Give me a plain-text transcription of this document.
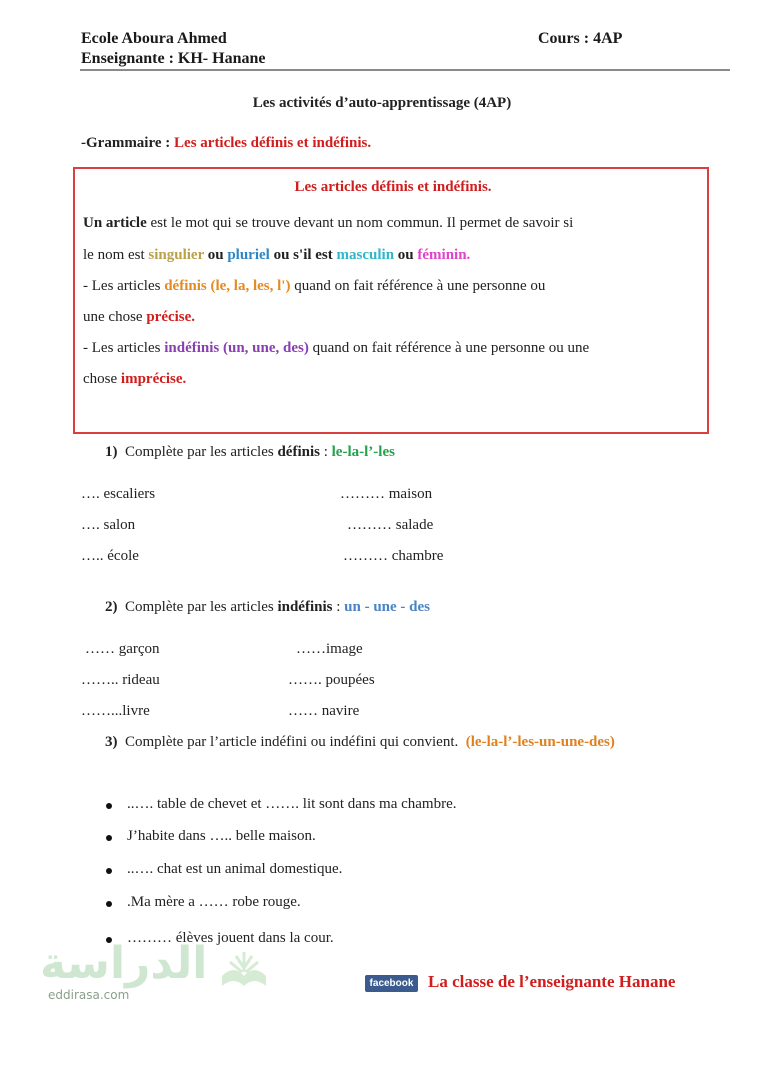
Ecole Aboura Ahmed
Enseignante : KH- Hanane
Cours : 4AP
Les activités d’auto-apprentissage (4AP)
-Grammaire : Les articles définis et indéfinis.
Les articles définis et indéfinis.
Un article est le mot qui se trouve devant un nom commun. Il permet de savoir si
le nom est singulier ou pluriel ou s'il est masculin ou féminin.
- Les articles définis (le, la, les, l') quand on fait référence à une personne ou
une chose précise.
- Les articles indéfinis (un, une, des) quand on fait référence à une personne ou une
chose imprécise.
1) Complète par les articles définis : le-la-l’-les
…. escaliers	……… maison
…. salon	……… salade
….. école	……… chambre
2) Complète par les articles indéfinis : un - une - des
…… garçon	……image
…….. rideau	……. poupées
……...livre	…… navire
3) Complète par l’article indéfini ou indéfini qui convient. (le-la-l’-les-un-une-des)
..…. table de chevet et ……. lit sont dans ma chambre.
J’habite dans ….. belle maison.
..…. chat est un animal domestique.
.Ma mère a …… robe rouge.
……… élèves jouent dans la cour.
الدراسة
eddirasa.com
facebook La classe de l’enseignante Hanane
